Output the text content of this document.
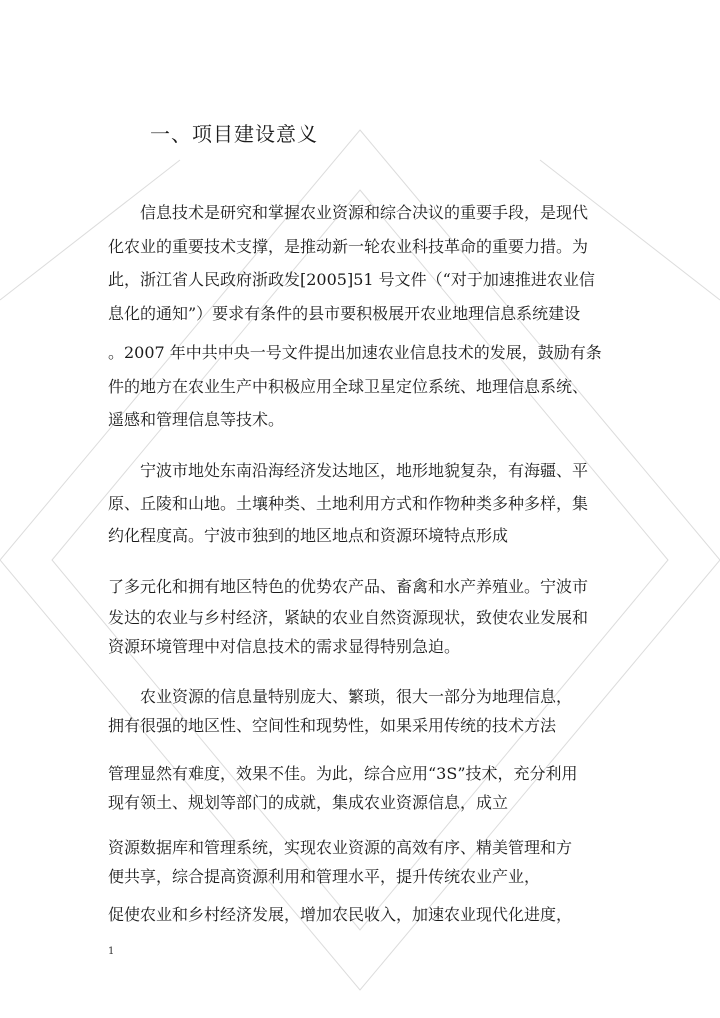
一、项目建设意义
信息技术是研究和掌握农业资源和综合决议的重要手段，是现代
化农业的重要技术支撑，是推动新一轮农业科技革命的重要力措。为
此，浙江省人民政府浙政发[2005]51 号文件（“对于加速推进农业信
息化的通知”）要求有条件的县市要积极展开农业地理信息系统建设
。2007 年中共中央一号文件提出加速农业信息技术的发展，鼓励有条
件的地方在农业生产中积极应用全球卫星定位系统、地理信息系统、
遥感和管理信息等技术。
宁波市地处东南沿海经济发达地区，地形地貌复杂，有海疆、平
原、丘陵和山地。土壤种类、土地利用方式和作物种类多种多样，集
约化程度高。宁波市独到的地区地点和资源环境特点形成
了多元化和拥有地区特色的优势农产品、畜禽和水产养殖业。宁波市
发达的农业与乡村经济，紧缺的农业自然资源现状，致使农业发展和
资源环境管理中对信息技术的需求显得特别急迫。
农业资源的信息量特别庞大、繁琐，很大一部分为地理信息，
拥有很强的地区性、空间性和现势性，如果采用传统的技术方法
管理显然有难度，效果不佳。为此，综合应用“3S”技术，充分利用
现有领土、规划等部门的成就，集成农业资源信息，成立
资源数据库和管理系统，实现农业资源的高效有序、精美管理和方
便共享，综合提高资源利用和管理水平，提升传统农业产业，
促使农业和乡村经济发展，增加农民收入，加速农业现代化进度，
1
